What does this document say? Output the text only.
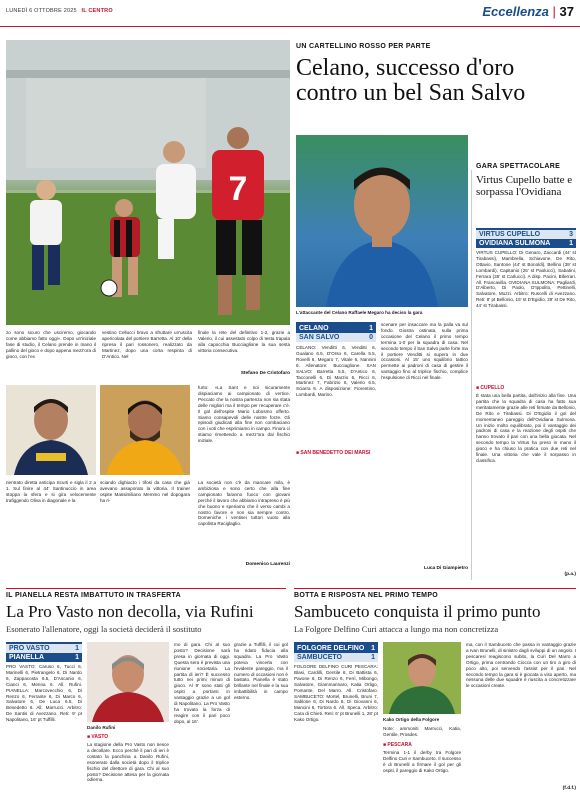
LUNEDÌ 6 OTTOBRE 2025 IL CENTRO	Eccellenza | 37
7
UN CARTELLINO ROSSO PER PARTE
Celano, successo d'oro
contro un bel San Salvo
L'attaccante del Celano Raffaele Megaro ha deciso la gara
GARA SPETTACOLARE
Virtus Cupello batte e sorpassa l'Ovidiana
VIRTUS CUPELLO	3
OVIDIANA SULMONA	1
VIRTUS CUPELLO: Di Genaro, Zaccardi (44' st Tirabassi), Mambrella, Schiavone, De Rito, Ottavio, Santone (44' st Bonoldi), Bellino (39' st Lombardi), Capitanio (25' st Paolucci), Sabatini, Ferrara (35' st Carlucci). A disp. Pacini, Biferrari. All. Francavilla. OVIDIANA SULMONA: Pagliardi, D'Alberto, Di Paolo, D'Ippolito, Pettinelli, Salvatore, Muzzi. Arbitro: Ruscelli di Avezzano. Reti: 8' pt Bellonio, 15' st D'Egidio, 29' st De Rito, 44' st Tirabassi.
■ CUPELLO
È stata una bella partita, dall'inizio alla fine. Una partita che la squadra di casa ha fatto sua meritatamente grazie alle reti firmate da Bellonio, De Rito e Tirabassi. Di D'Egidio il gol del momentaneo pareggio dell'Ovidiana Sulmona. Un inizio molto equilibrato, poi il vantaggio dei padroni di casa e la reazione degli ospiti che hanno trovato il pari con una bella giocata. Nel secondo tempo la Virtus ha preso in mano il gioco e ha chiuso la pratica con due reti nel finale. Una vittoria che vale il sorpasso in classifica.
(p.a.)
zo sono sicuro che usciremo, giocando come abbiamo fatto oggi». Dopo un'iniziale fase di studio, il Celano prende in mano il pallino del gioco e dopo appena mezz'ora di gioco, con l'ex
vestino Cellucci bravo a sfruttare un'uscita apericolata del portiere Barretta. Al 10' della ripresa il pari rossonero, realizzato da Martinez, dopo una corta respinta di D'Antico. Nel
finale la rete del definitivo 1-2, grazie a Valerio, il cui assestato colpo di testa trapala alla capocchia Bucciaglione la sua sesta vittoria consecutiva.
Stefano De Cristofaro
furto: «La Sant e noi sicuramente dispiaciamo ai campionato di vertice. Peccato che la nostra partenza non sia stata delle migliori ma il tempo per recuperare c'è. Il gol dell'ospite Mario Lobosmo offerto. Siamo consapevoli delle nostre forze. Gli episodi giudicati alla fine non combaciano con i voti che esprimiamo in campo. Finora ci stiamo rimettendo a mezz'ora dal fischio iniziale.
rientrato diretta anticipa Scurti e sigla il 2 a 1. Sul finire al 44' Santinuccio in area stoppa la sfera e si gira velocemente trafiggendo Oliva in diagonale e la
sciando dighiacto i tifosi da casa che già avevano assaporato la vittoria. Il trainer ospite Massimiliano Memmo nel dopogara ha ri-
La società non c'è da mancare mila, è ambiziosa e sono certo che alla fine campionato faranno fuoco con giovani perché il lavoro che abbiamo intrapreso è più che buono e speriamo che il verso cambi a nostro favore e non sia sempre contro. Domeniche i ventisei tuttori vuoto alla capolista Raciglaglio.
Domenico Laurenzi
CELANO	1
SAN SALVO	0
CELANO: Venditti 6, Venditti 6, Gualano 6.5, D'Orso 6, Carella 5.5, Rovelli 6, Megaro 7, Vitale 6, Nannini 6. Allenatore: Bucciaglione. SAN SALVO: Barretta 5.5, D'Antico 6, Tacconelli 6, Di Marzio 6, Ricci 6, Martinez 7, Fabrizio 6, Valerio 6.5, Sciarra 6. A disposizione: Fiorentino, Lombardi, Marino.
■ SAN BENEDETTO DEI MARSI
scenare per insaccare ma la palla va sul fondo. Giostra ostinata, sulla prima occasione del Celano il primo tempo termina 1-0 per la squadra di casa. Nel secondo tempo il San Salvo parte forte ma il portiere Venditti si supera in due occasioni. Al 15' uno squilibrio tattico permette ai padroni di casa di gestire il vantaggio fino al triplice fischio, complice l'espulsione di Ricci nel finale.
Luca Di Giampietro
IL PIANELLA RESTA IMBATTUTO IN TRASFERTA
La Pro Vasto non decolla, via Rufini
Esonerato l'allenatore, oggi la società deciderà il sostituto
PRO VASTO	1
PIANELLA	1
PRO VASTO: Caruso 6, Tucci 6, Marinelli 6, Pietrangelo 6, Di Nardo 6, Zappacosta 6.5, D'Ascanio 6, Cianci 6, Menna 6. All. Rufini. PIANELLA: Marcovecchio 6, Di Renzo 6, Ferrante 6, Di Marco 6, Salvatore 6, De Luca 6.5, Di Benedetto 6. All. Marrucci. Arbitro: De Santis di Avezzano. Reti: 9' pt Napolitano, 16' pt Tuffilli.
Danilo Rufini
■ VASTO
La stagione della Pro Vasto non riesce a decollare. Ecco perché il pari di ieri è costato la panchina a Danilo Rufini, esonerato dalla società dopo il triplice fischio del direttore di gara. Chi al suo posto? Decisione attesa per la giornata odierna.
mo di gara. Chi al suo posto? Decisione sarà presa in giornata di oggi. Questa sera è prevista una riunione societaria. La partita di ieri? È successo tutto nei primi minuti di gioco. Al 9' sono stati gli ospiti a portarsi in vantaggio grazie a un gol di Napolitano. La Pro Vasto ha trovato la forza di reagire con il pari poco dopo, al 16'.
grazie a Tuffilli, il cui gol ha ridato fiducia alla squadra. La Pro Vasto poteva vincerla con l'evidente pareggio, ma il numero di occasioni non è bastato. Pianella è stato brillante nel finale e la sua imbattibilità in campo esterno.
BOTTA E RISPOSTA NEL PRIMO TEMPO
Sambuceto conquista il primo punto
La Folgore Delfino Curi attacca a lungo ma non concretizza
FOLGORE DELFINO 1
SAMBUCETO	1
FOLGORE DELFINO CURI PESCARA: Blasi, Cardilli, Gentile 6, Di Battista 6, Pavone 6, Di Renzo 6, Ferri, Mibongo, Salvatore, Giammarinaro, Katia Orligo, Pomante, Del Marro. All. Cristofaro. SAMBUCETO: Mortel, Brunelli, Bruni 7, Sablone 6, Di Nardo 6, Di Giovanni 6, Mancini 6, Tortora 6. All. Speca. Arbitro: Cara di Chieti. Reti: 6' pt Brunelli 1, 28' pt Kako Ortigo.	Kako Ortigo della Folgore
Note: ammoniti Marrucci, Katia, Gentile, Prosdes.
■ PESCARA
Termina 1-1 il derby tra Folgore Delfino Curi e Sambuceto. Il successo è di Brunelli a firmare il gol per gli ospiti, il pareggio di Kako Ortigo.
ma, con il Sambuceto che passa in vantaggio grazie a Ivan Brunelli, di sinistro dagli sviluppi di un angolo. I pescaresi reagiscono subito, la Curi Del Marro a Ortigo, prima centrando Ciocca con un tiro a giro di poco alto, poi servendo l'assist per il pari. Nel secondo tempo la gara si è giocata a viso aperto, ma nessuna delle due squadre è riuscita a concretizzare le occasioni create.
(f.d.f.)
